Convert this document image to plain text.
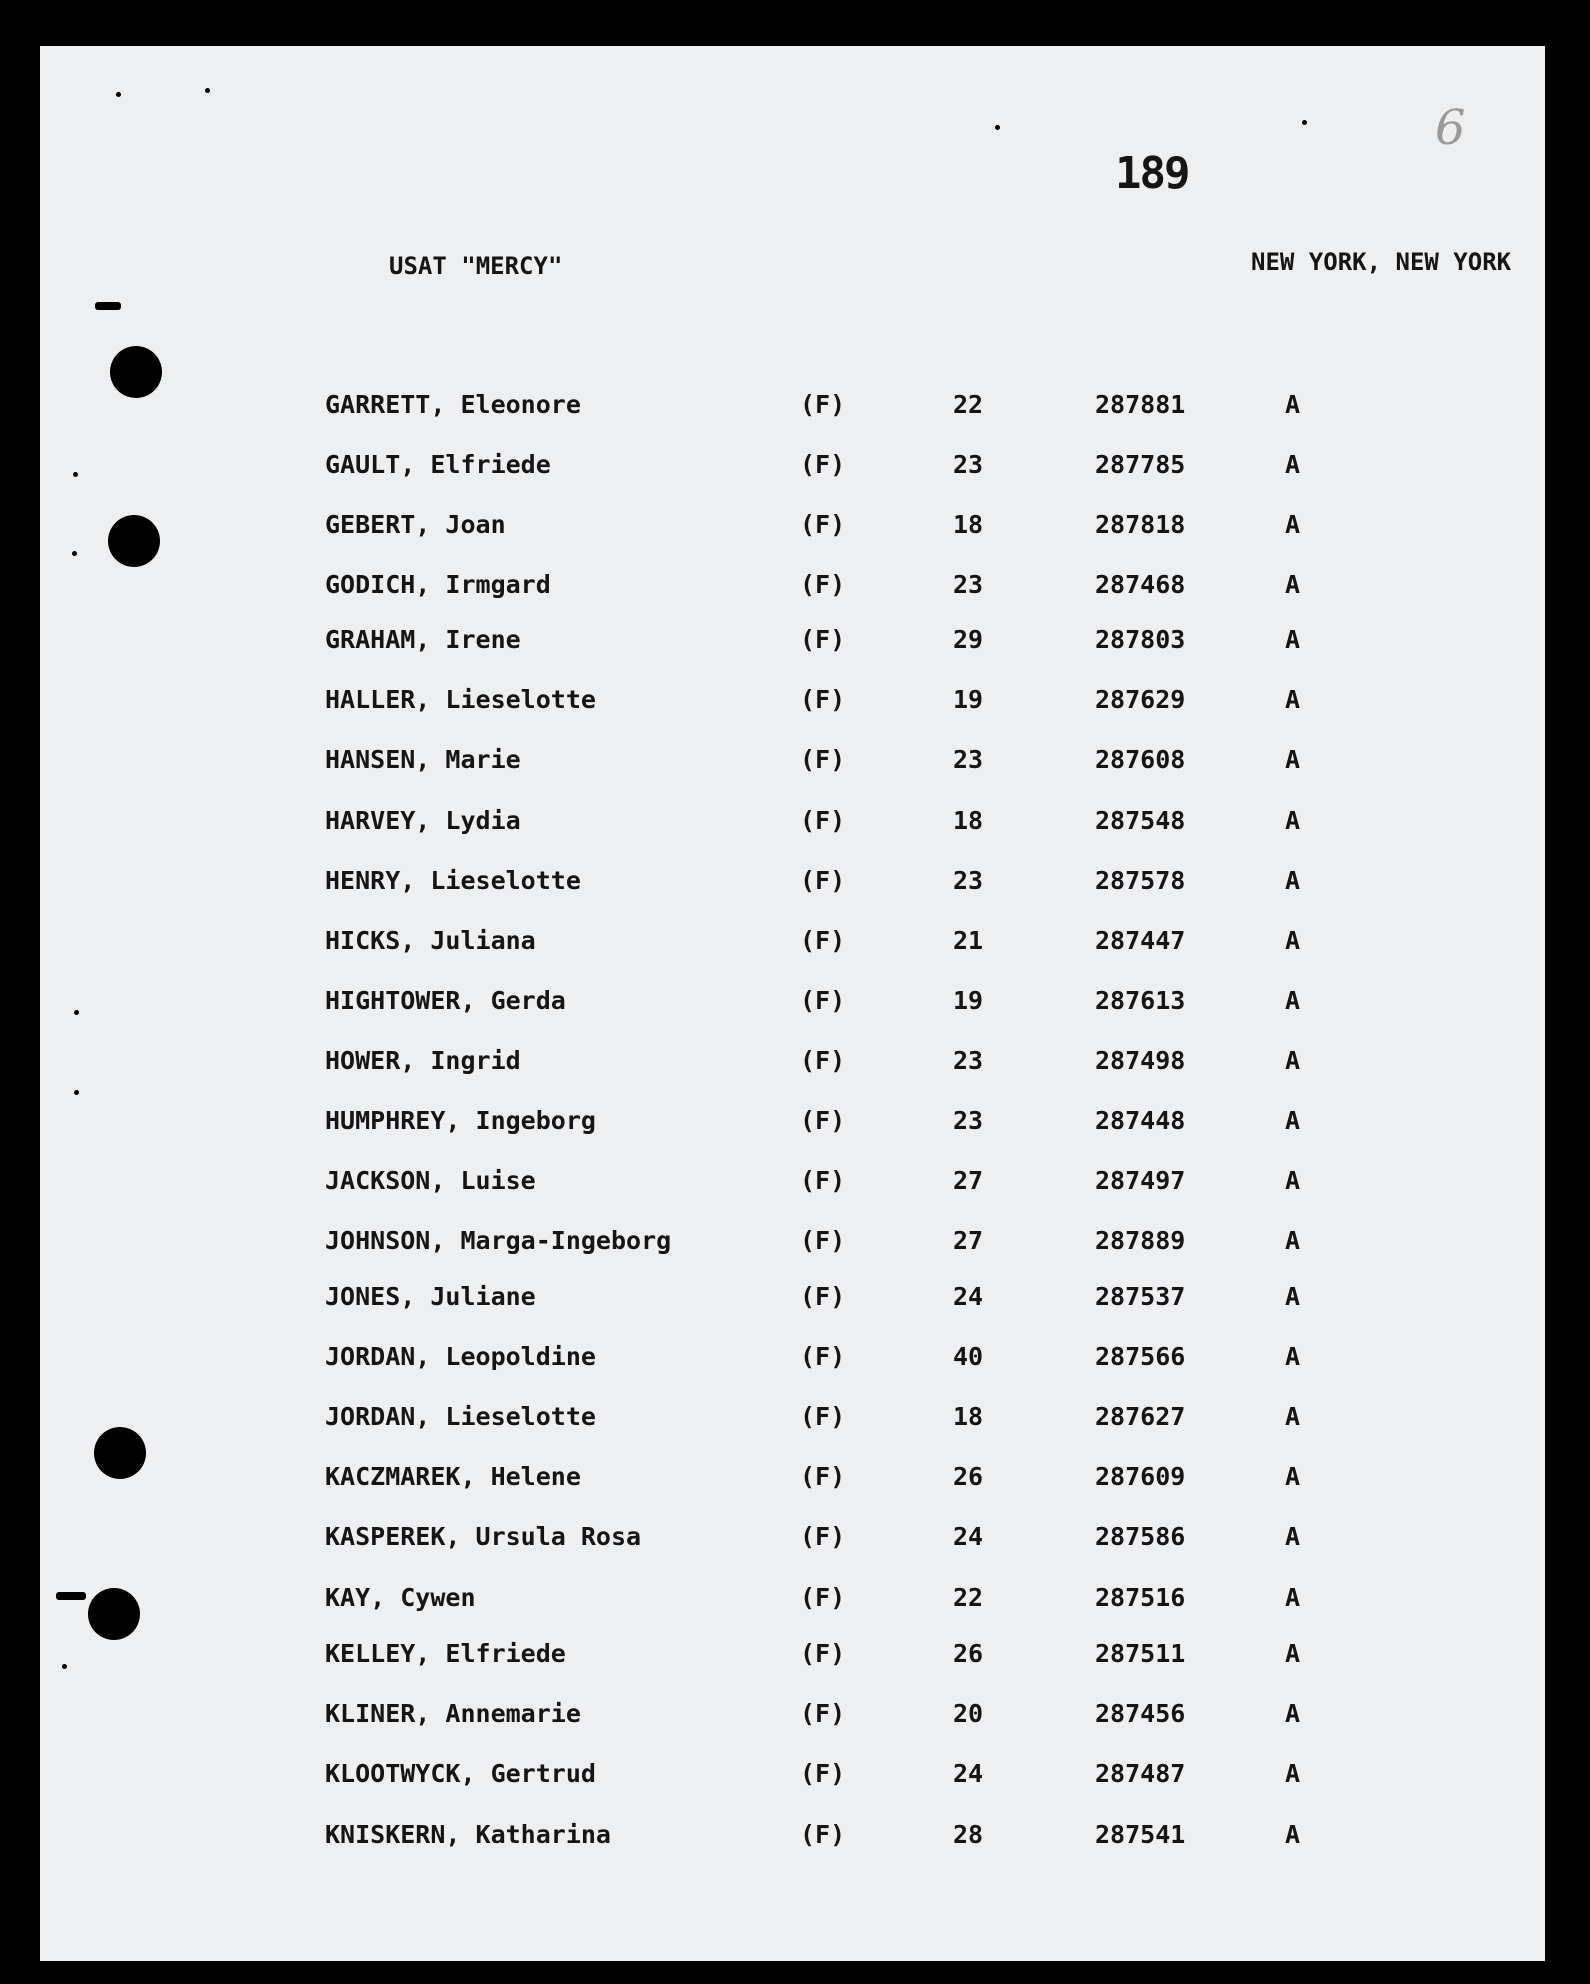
189
6
USAT "MERCY"	NEW YORK, NEW YORK
GARRETT, Eleonore	(F)	22	287881	A
GAULT, Elfriede	(F)	23	287785	A
GEBERT, Joan	(F)	18	287818	A
GODICH, Irmgard	(F)	23	287468	A
GRAHAM, Irene	(F)	29	287803	A
HALLER, Lieselotte	(F)	19	287629	A
HANSEN, Marie	(F)	23	287608	A
HARVEY, Lydia	(F)	18	287548	A
HENRY, Lieselotte	(F)	23	287578	A
HICKS, Juliana	(F)	21	287447	A
HIGHTOWER, Gerda	(F)	19	287613	A
HOWER, Ingrid	(F)	23	287498	A
HUMPHREY, Ingeborg	(F)	23	287448	A
JACKSON, Luise	(F)	27	287497	A
JOHNSON, Marga-Ingeborg	(F)	27	287889	A
JONES, Juliane	(F)	24	287537	A
JORDAN, Leopoldine	(F)	40	287566	A
JORDAN, Lieselotte	(F)	18	287627	A
KACZMAREK, Helene	(F)	26	287609	A
KASPEREK, Ursula Rosa	(F)	24	287586	A
KAY, Cywen	(F)	22	287516	A
KELLEY, Elfriede	(F)	26	287511	A
KLINER, Annemarie	(F)	20	287456	A
KLOOTWYCK, Gertrud	(F)	24	287487	A
KNISKERN, Katharina	(F)	28	287541	A
